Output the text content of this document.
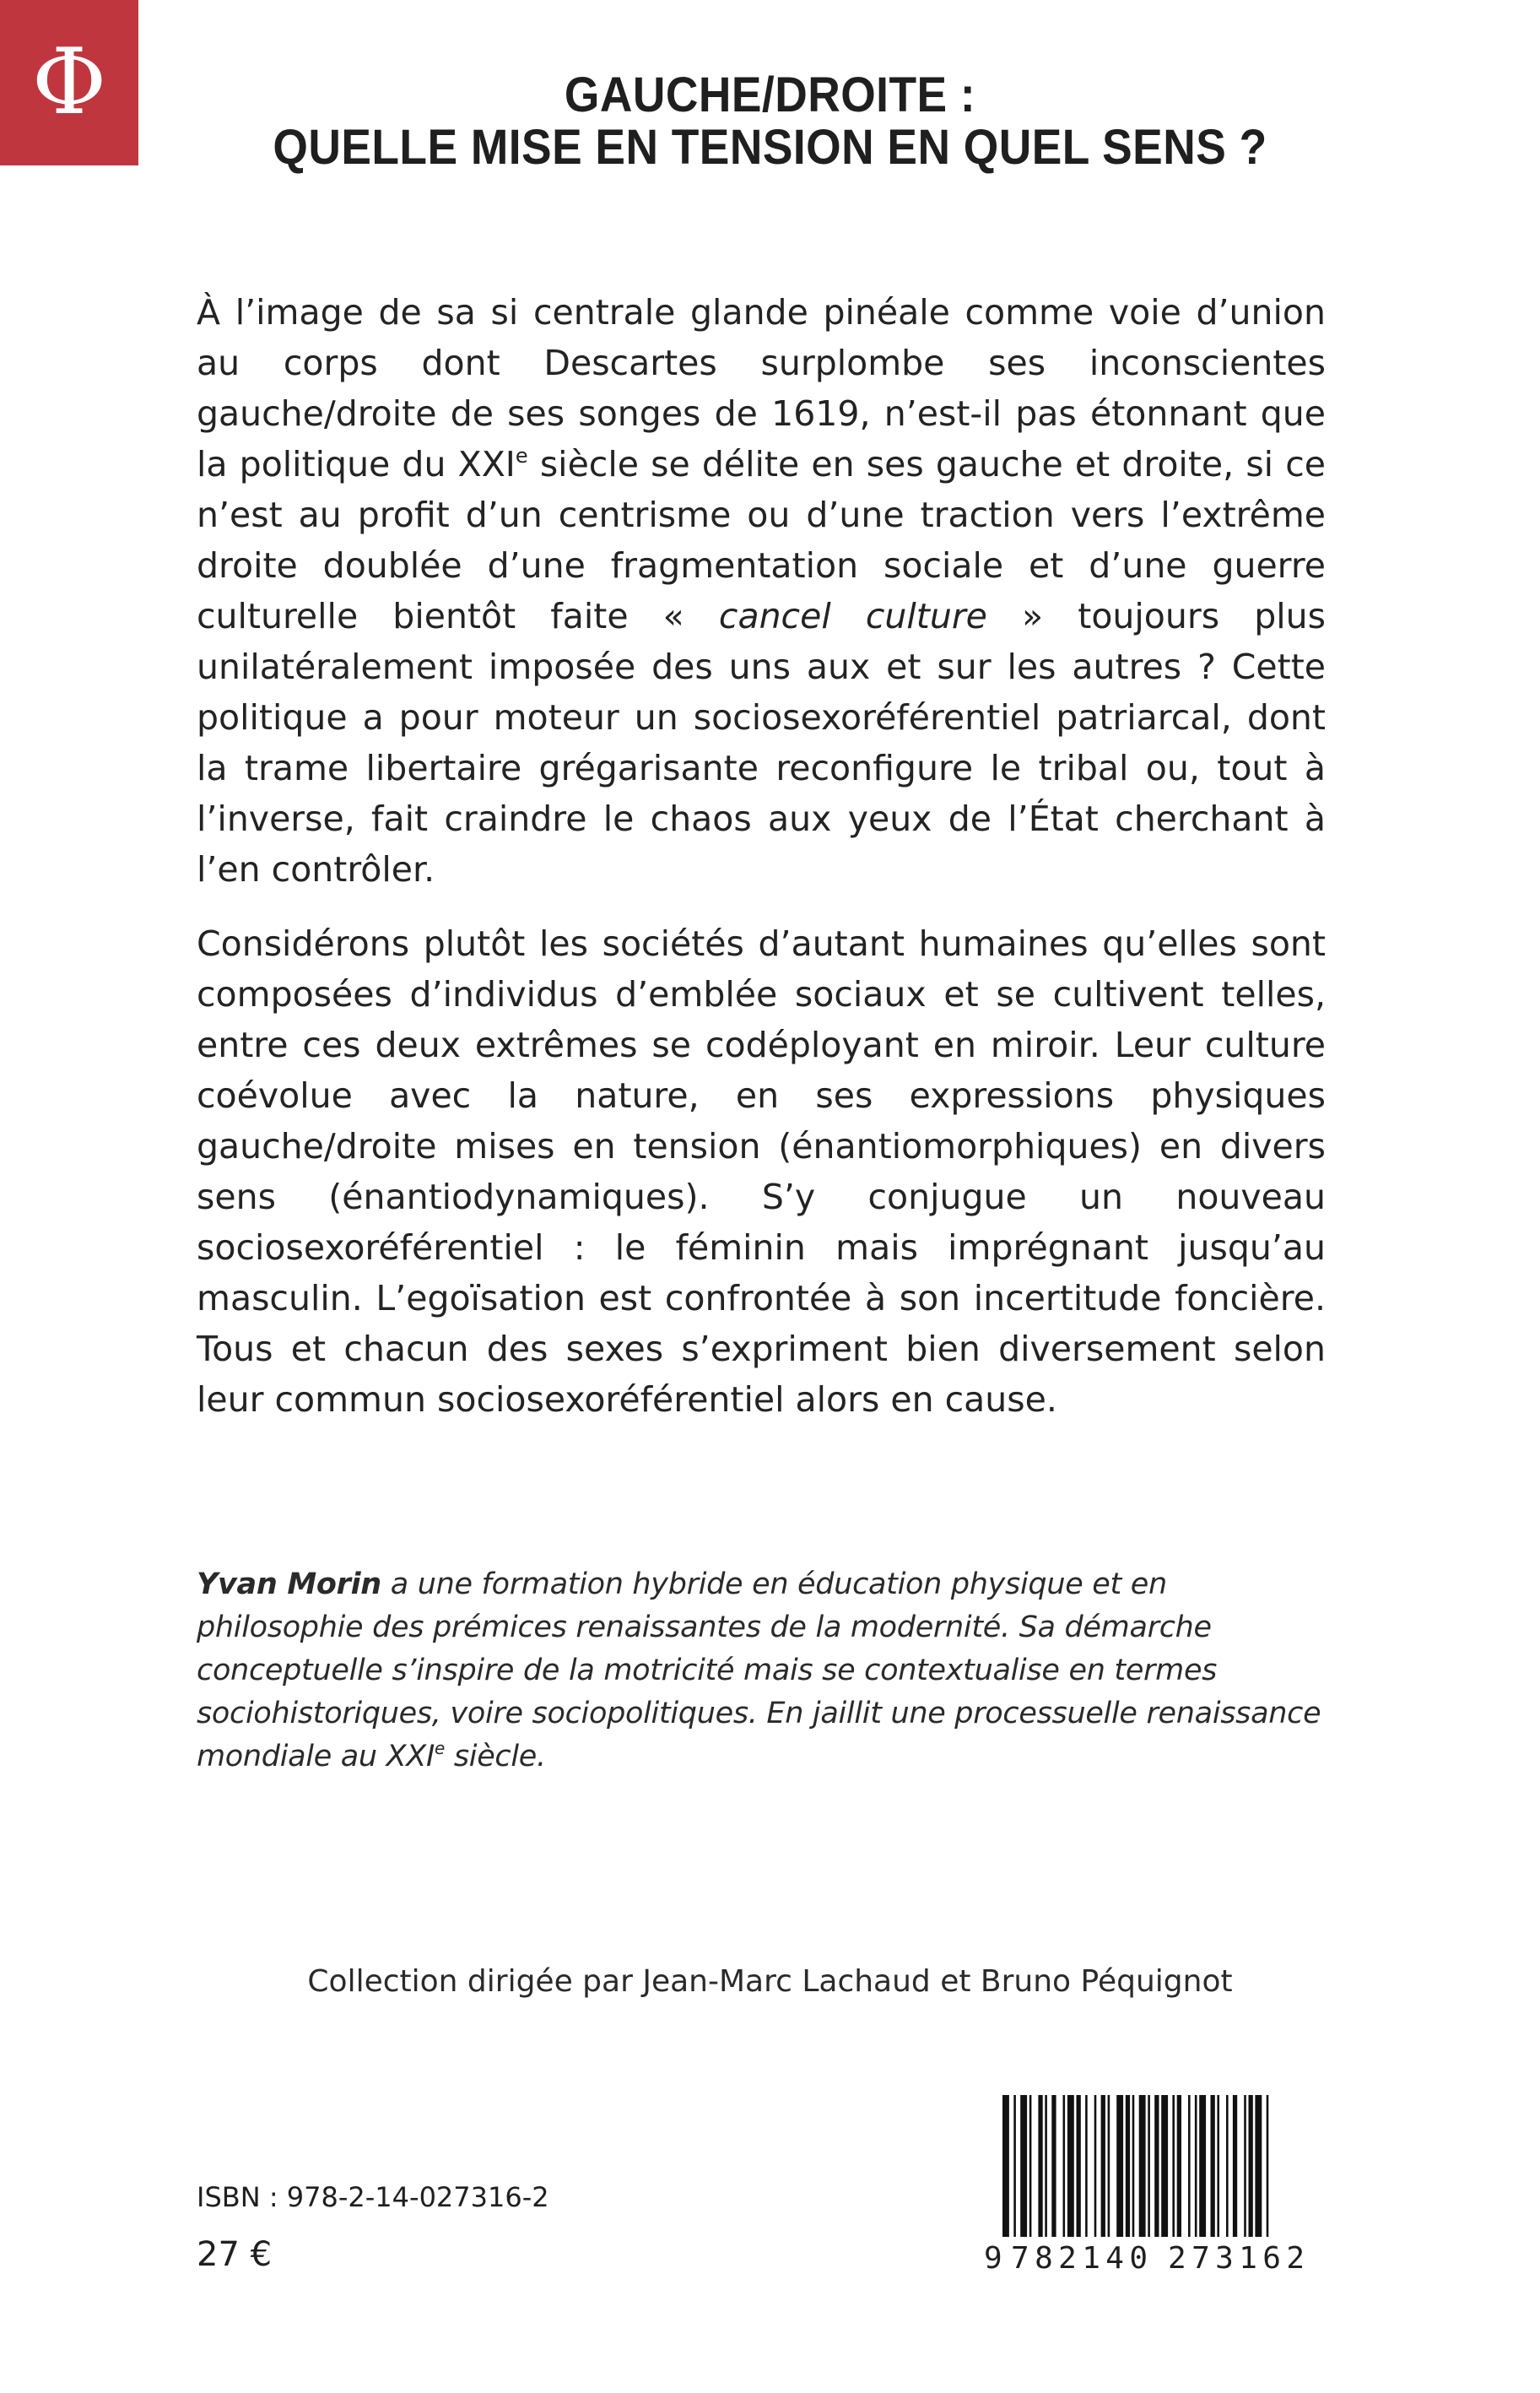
Φ	GAUCHE/DROITE :
QUELLE MISE EN TENSION EN QUEL SENS ?

À l’image de sa si centrale glande pinéale comme voie d’union au corps dont Descartes surplombe ses inconscientes gauche/droite de ses songes de 1619, n’est-il pas étonnant que la politique du XXIe siècle se délite en ses gauche et droite, si ce n’est au profit d’un centrisme ou d’une traction vers l’extrême droite doublée d’une fragmentation sociale et d’une guerre culturelle bientôt faite « cancel culture » toujours plus unilatéralement imposée des uns aux et sur les autres ? Cette politique a pour moteur un sociosexoréférentiel patriarcal, dont la trame libertaire grégarisante reconfigure le tribal ou, tout à l’inverse, fait craindre le chaos aux yeux de l’État cherchant à l’en contrôler.

Considérons plutôt les sociétés d’autant humaines qu’elles sont composées d’individus d’emblée sociaux et se cultivent telles, entre ces deux extrêmes se codéployant en miroir. Leur culture coévolue avec la nature, en ses expressions physiques gauche/droite mises en tension (énantiomorphiques) en divers sens (énantiodynamiques). S’y conjugue un nouveau sociosexoréférentiel : le féminin mais imprégnant jusqu’au masculin. L’egoïsation est confrontée à son incertitude foncière. Tous et chacun des sexes s’expriment bien diversement selon leur commun sociosexoréférentiel alors en cause.

Yvan Morin a une formation hybride en éducation physique et en philosophie des prémices renaissantes de la modernité. Sa démarche conceptuelle s’inspire de la motricité mais se contextualise en termes sociohistoriques, voire sociopolitiques. En jaillit une processuelle renaissance mondiale au XXIe siècle.
Collection dirigée par Jean-Marc Lachaud et Bruno Péquignot
ISBN : 978-2-14-027316-2
27 €	9 782140 273162
